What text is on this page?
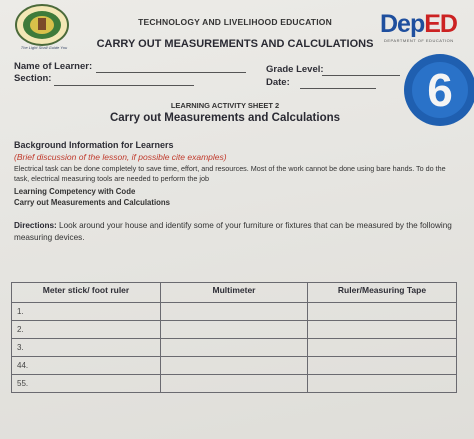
The Light Shall Guide You
TECHNOLOGY AND LIVELIHOOD EDUCATION
CARRY OUT MEASUREMENTS AND CALCULATIONS
DepED
DEPARTMENT OF EDUCATION
6
Name of Learner:	Grade Level:
Section:	Date:
LEARNING ACTIVITY SHEET 2
Carry out Measurements and Calculations
Background Information for Learners
(Brief discussion of the lesson, if possible cite examples)
Electrical task can be done completely to save time, effort, and resources. Most of the work cannot be done using bare hands. To do the task, electrical measuring tools are needed to perform the job
Learning Competency with Code
Carry out Measurements and Calculations
Directions: Look around your house and identify some of your furniture or fixtures that can be measured by the following measuring devices.
Meter stick/ foot ruler	Multimeter	Ruler/Measuring Tape
1.		
2.		
3.		
44.		
55.		
